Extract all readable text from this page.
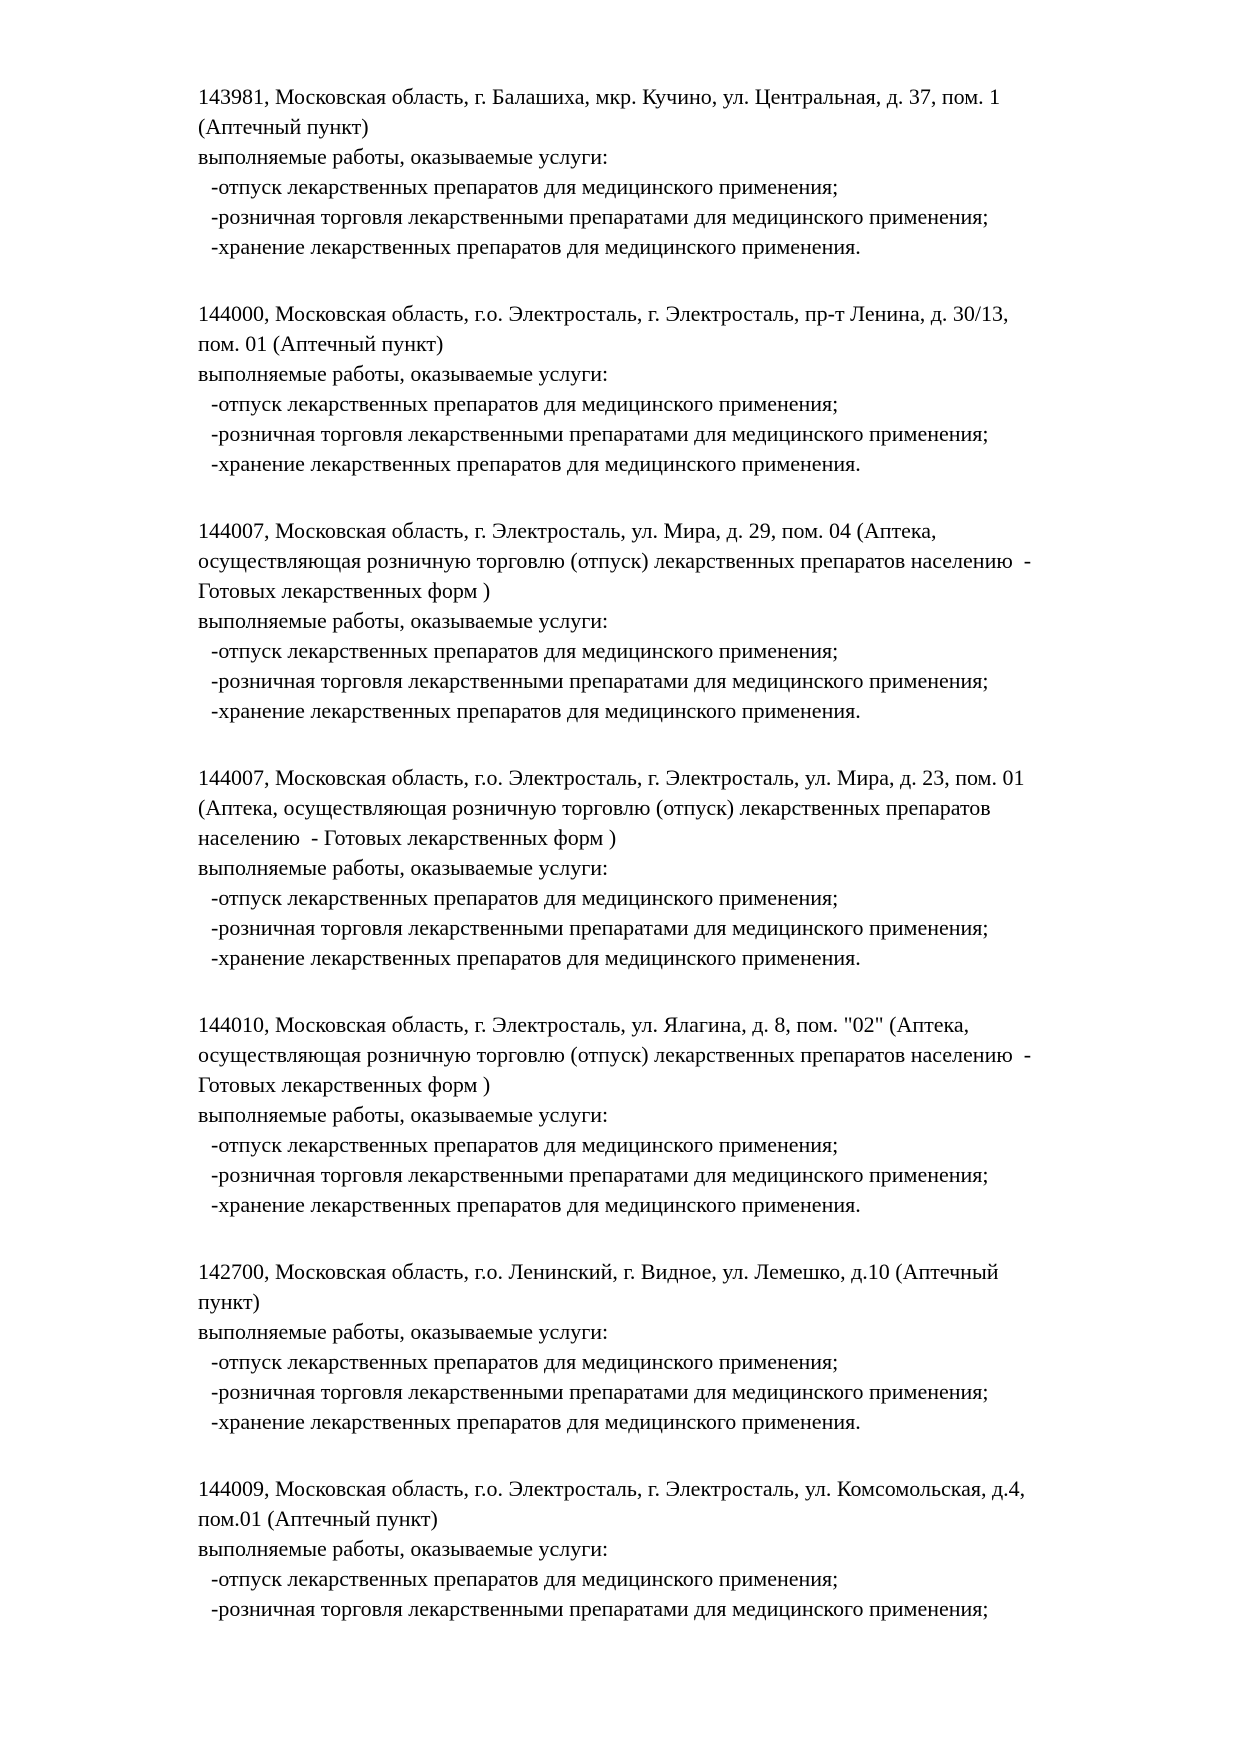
143981, Московская область, г. Балашиха, мкр. Кучино, ул. Центральная, д. 37, пом. 1
(Аптечный пункт)
выполняемые работы, оказываемые услуги:
-отпуск лекарственных препаратов для медицинского применения;
-розничная торговля лекарственными препаратами для медицинского применения;
-хранение лекарственных препаратов для медицинского применения.
144000, Московская область, г.о. Электросталь, г. Электросталь, пр-т Ленина, д. 30/13,
пом. 01 (Аптечный пункт)
выполняемые работы, оказываемые услуги:
-отпуск лекарственных препаратов для медицинского применения;
-розничная торговля лекарственными препаратами для медицинского применения;
-хранение лекарственных препаратов для медицинского применения.
144007, Московская область, г. Электросталь, ул. Мира, д. 29, пом. 04 (Аптека,
осуществляющая розничную торговлю (отпуск) лекарственных препаратов населению  -
Готовых лекарственных форм )
выполняемые работы, оказываемые услуги:
-отпуск лекарственных препаратов для медицинского применения;
-розничная торговля лекарственными препаратами для медицинского применения;
-хранение лекарственных препаратов для медицинского применения.
144007, Московская область, г.о. Электросталь, г. Электросталь, ул. Мира, д. 23, пом. 01
(Аптека, осуществляющая розничную торговлю (отпуск) лекарственных препаратов
населению  - Готовых лекарственных форм )
выполняемые работы, оказываемые услуги:
-отпуск лекарственных препаратов для медицинского применения;
-розничная торговля лекарственными препаратами для медицинского применения;
-хранение лекарственных препаратов для медицинского применения.
144010, Московская область, г. Электросталь, ул. Ялагина, д. 8, пом. "02" (Аптека,
осуществляющая розничную торговлю (отпуск) лекарственных препаратов населению  -
Готовых лекарственных форм )
выполняемые работы, оказываемые услуги:
-отпуск лекарственных препаратов для медицинского применения;
-розничная торговля лекарственными препаратами для медицинского применения;
-хранение лекарственных препаратов для медицинского применения.
142700, Московская область, г.о. Ленинский, г. Видное, ул. Лемешко, д.10 (Аптечный
пункт)
выполняемые работы, оказываемые услуги:
-отпуск лекарственных препаратов для медицинского применения;
-розничная торговля лекарственными препаратами для медицинского применения;
-хранение лекарственных препаратов для медицинского применения.
144009, Московская область, г.о. Электросталь, г. Электросталь, ул. Комсомольская, д.4,
пом.01 (Аптечный пункт)
выполняемые работы, оказываемые услуги:
-отпуск лекарственных препаратов для медицинского применения;
-розничная торговля лекарственными препаратами для медицинского применения;
